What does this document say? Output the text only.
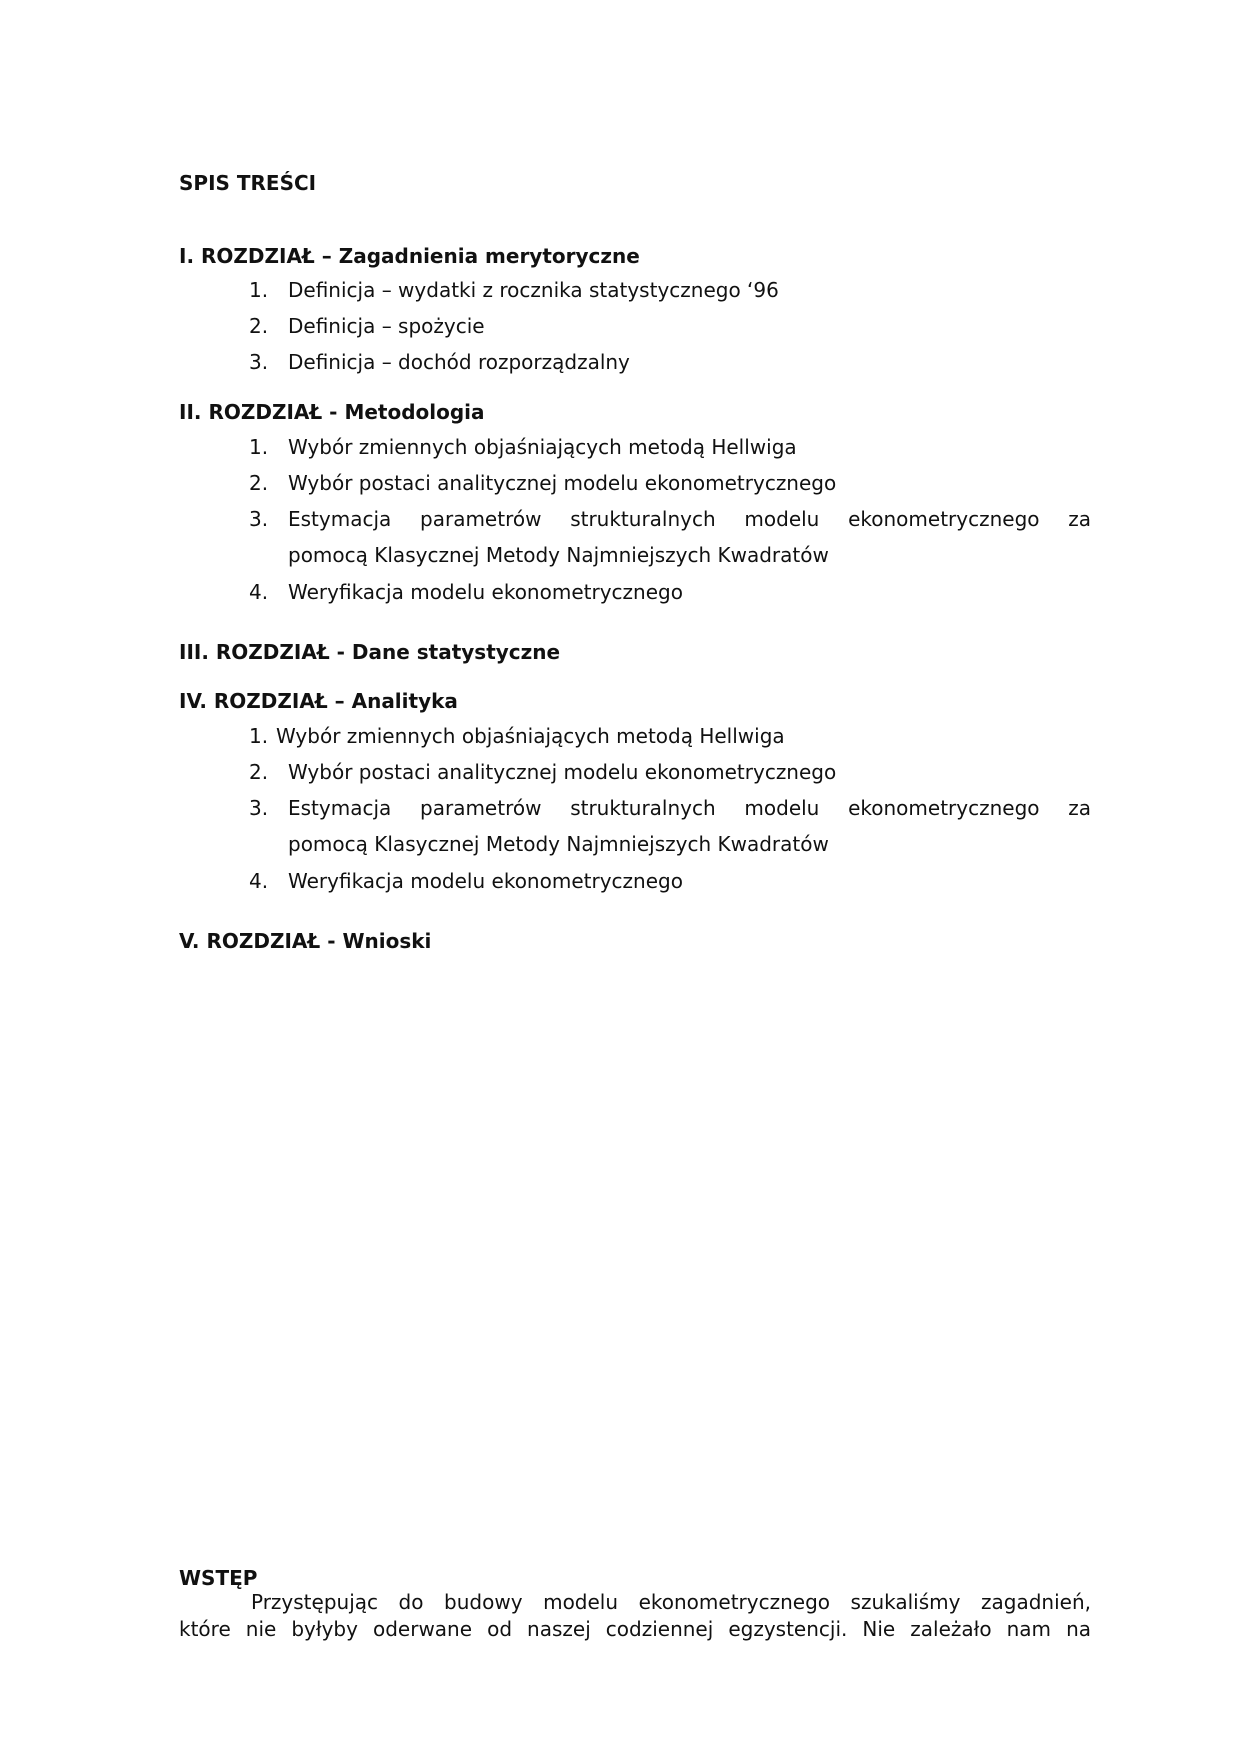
SPIS TREŚCI
I. ROZDZIAŁ – Zagadnienia merytoryczne
1. Definicja – wydatki z rocznika statystycznego ‘96
2. Definicja – spożycie
3. Definicja – dochód rozporządzalny
II. ROZDZIAŁ - Metodologia
1. Wybór zmiennych objaśniających metodą Hellwiga
2. Wybór postaci analitycznej modelu ekonometrycznego
3. Estymacja parametrów strukturalnych modelu ekonometrycznego za
pomocą Klasycznej Metody Najmniejszych Kwadratów
4. Weryfikacja modelu ekonometrycznego
III. ROZDZIAŁ - Dane statystyczne
IV. ROZDZIAŁ – Analityka
1. Wybór zmiennych objaśniających metodą Hellwiga
2. Wybór postaci analitycznej modelu ekonometrycznego
3. Estymacja parametrów strukturalnych modelu ekonometrycznego za
pomocą Klasycznej Metody Najmniejszych Kwadratów
4. Weryfikacja modelu ekonometrycznego
V. ROZDZIAŁ - Wnioski
WSTĘP
Przystępując do budowy modelu ekonometrycznego szukaliśmy zagadnień,
które nie byłyby oderwane od naszej codziennej egzystencji. Nie zależało nam na
